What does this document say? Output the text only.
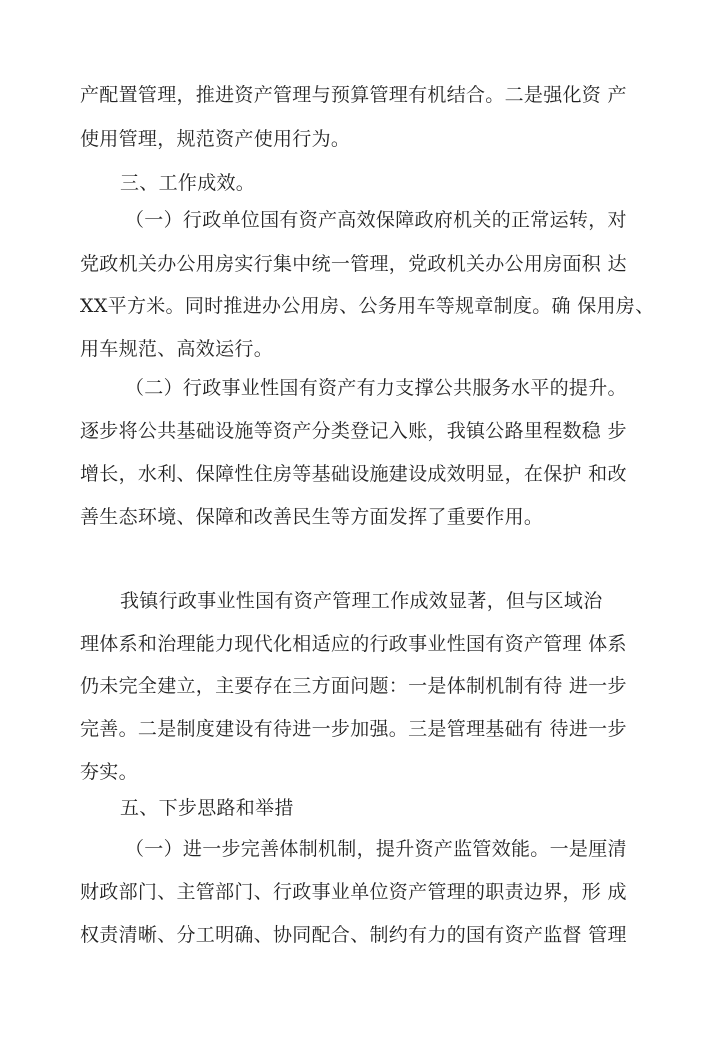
产配置管理，推进资产管理与预算管理有机结合。二是强化资 产
使用管理，规范资产使用行为。
三、工作成效。
（一）行政单位国有资产高效保障政府机关的正常运转，对
党政机关办公用房实行集中统一管理，党政机关办公用房面积 达
XX平方米。同时推进办公用房、公务用车等规章制度。确 保用房、
用车规范、高效运行。
（二）行政事业性国有资产有力支撑公共服务水平的提升。
逐步将公共基础设施等资产分类登记入账，我镇公路里程数稳 步
增长，水利、保障性住房等基础设施建设成效明显，在保护 和改
善生态环境、保障和改善民生等方面发挥了重要作用。
我镇行政事业性国有资产管理工作成效显著，但与区域治
理体系和治理能力现代化相适应的行政事业性国有资产管理 体系
仍未完全建立，主要存在三方面问题：一是体制机制有待 进一步
完善。二是制度建设有待进一步加强。三是管理基础有 待进一步
夯实。
五、下步思路和举措
（一）进一步完善体制机制，提升资产监管效能。一是厘清
财政部门、主管部门、行政事业单位资产管理的职责边界，形 成
权责清晰、分工明确、协同配合、制约有力的国有资产监督 管理
